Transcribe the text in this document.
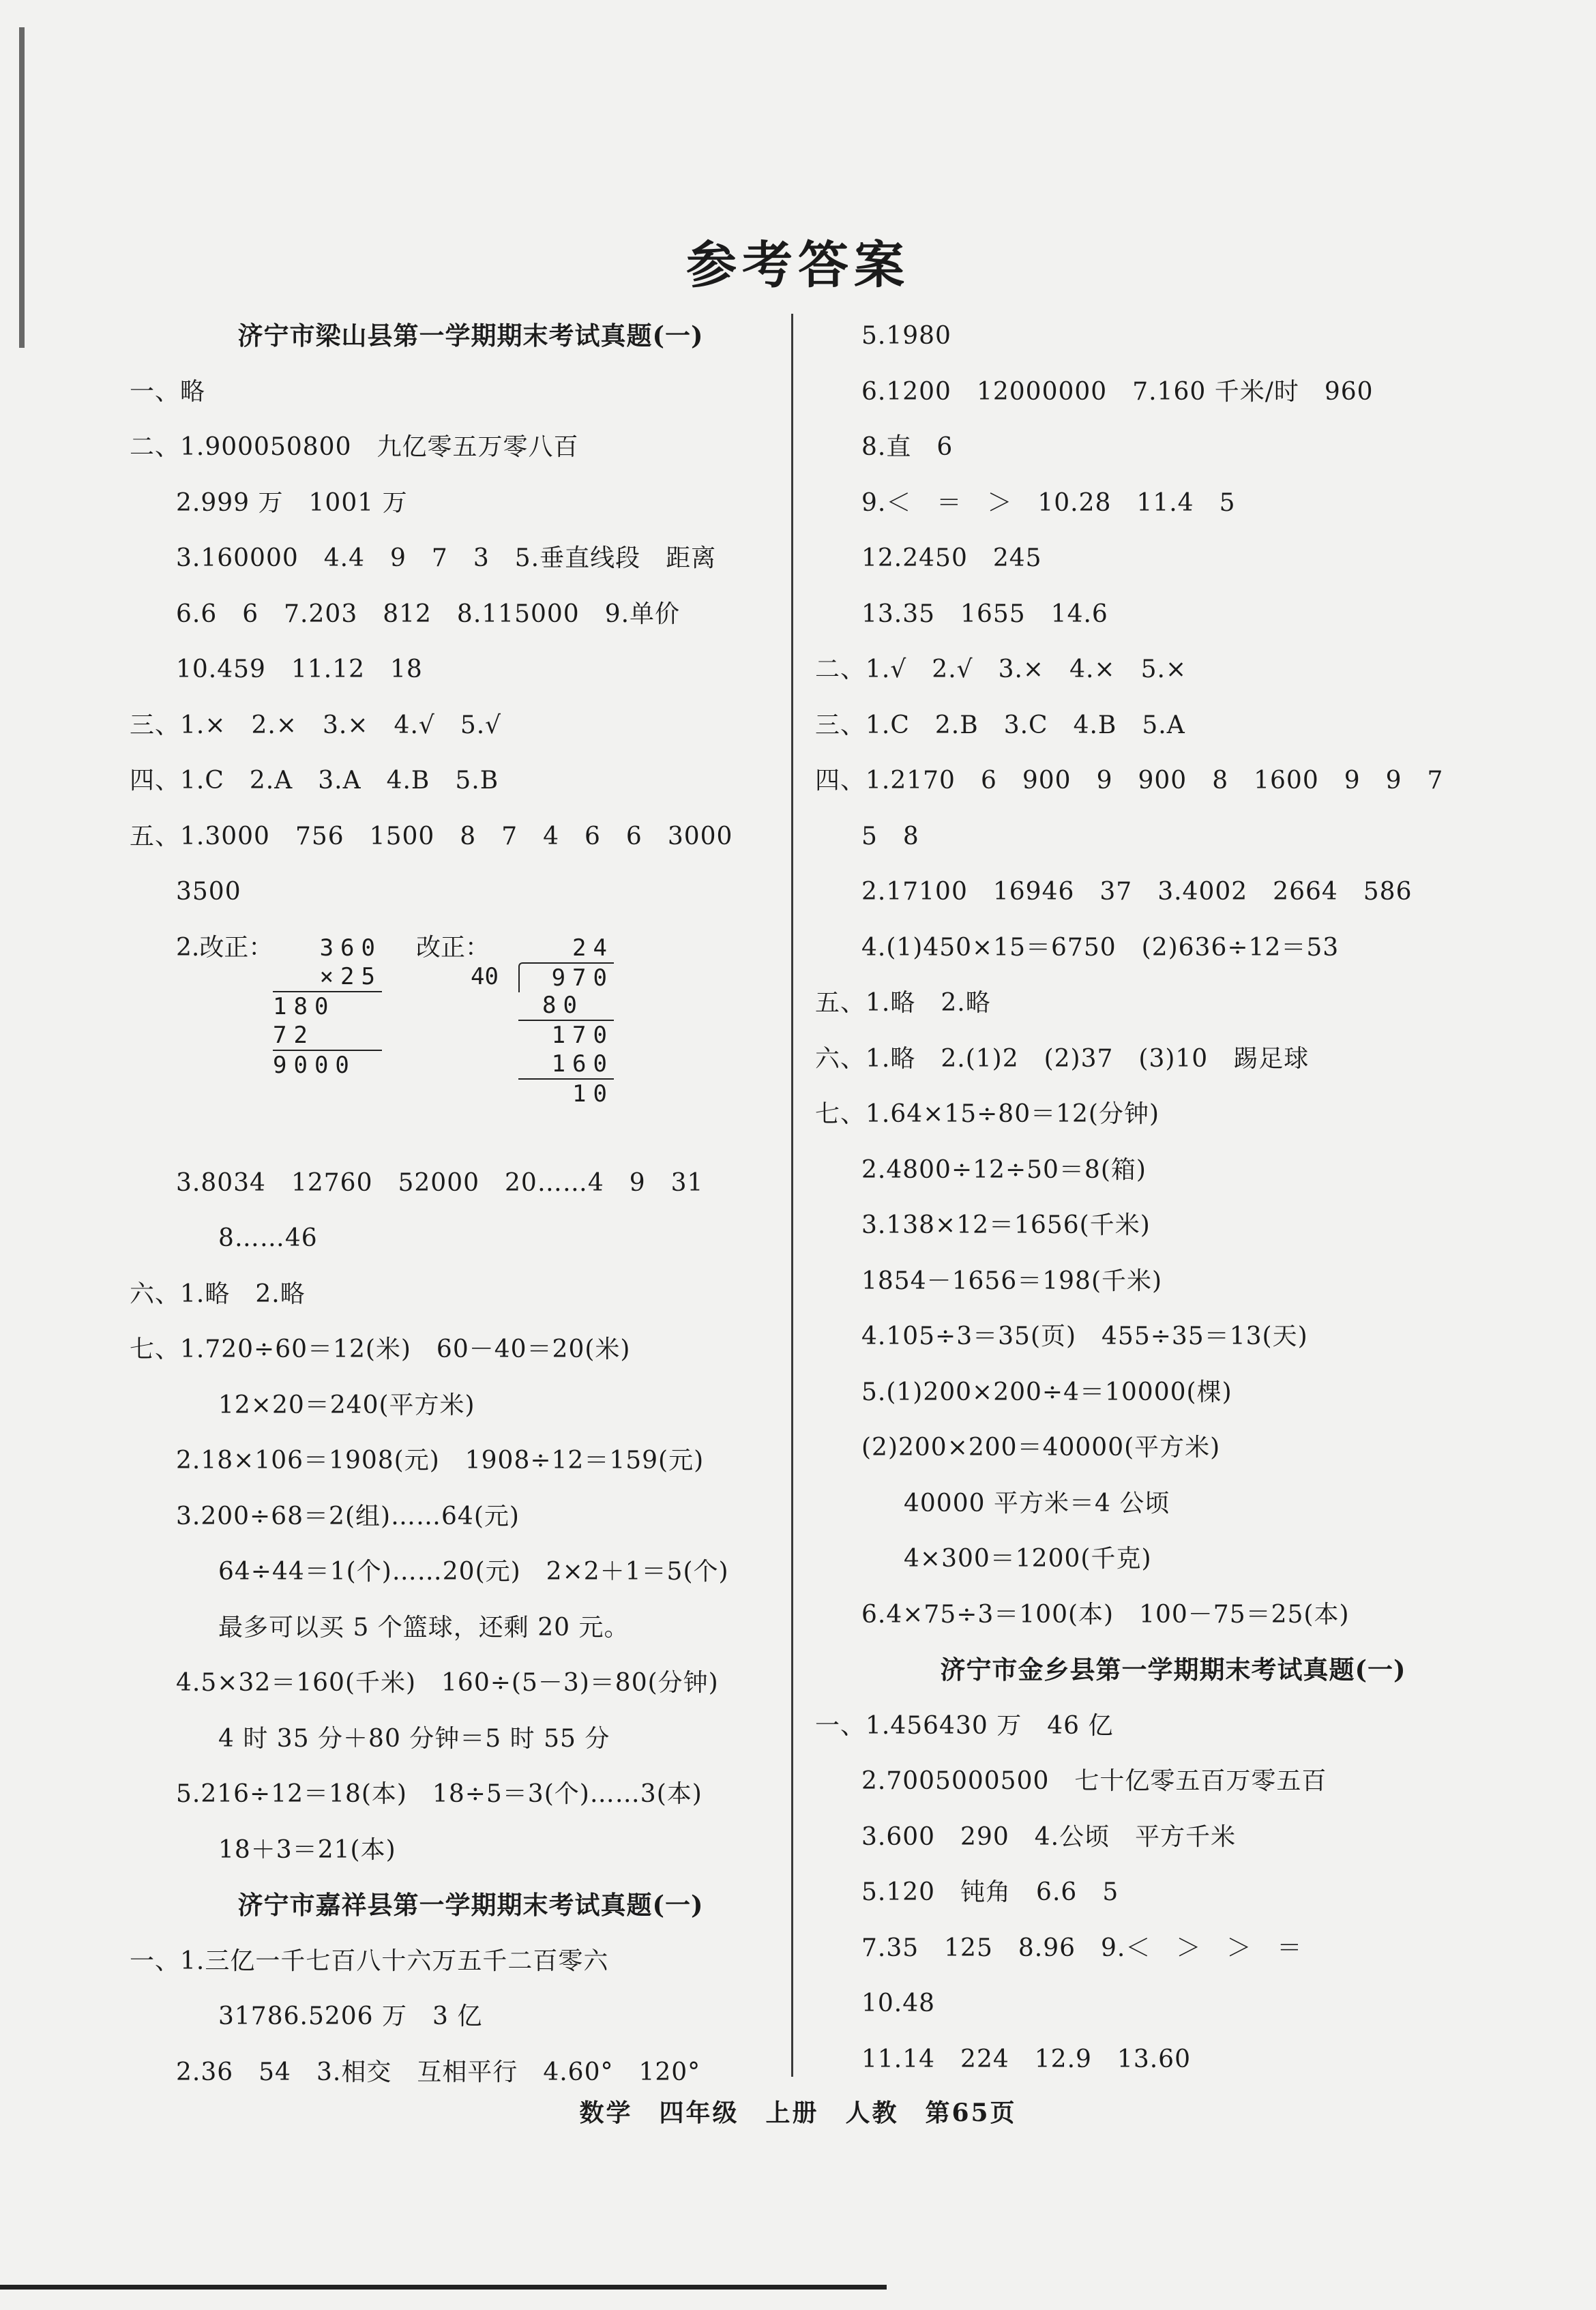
参考答案
济宁市梁山县第一学期期末考试真题(一)
一、略
二、1.900050800　九亿零五万零八百
2.999 万　1001 万
3.160000　4.4　9　7　3　5.垂直线段　距离
6.6　6　7.203　812　8.115000　9.单价
10.459　11.12　18
三、1.×　2.×　3.×　4.√　5.√
四、1.C　2.A　3.A　4.B　5.B
五、1.3000　756　1500　8　7　4　6　6　3000
3500
2.改正：	360
×25
180
72
9000
改正：	24
40	970
80
170
160
10
3.8034　12760　52000　20……4　9　31
8……46
六、1.略　2.略
七、1.720÷60＝12(米)　60－40＝20(米)
12×20＝240(平方米)
2.18×106＝1908(元)　1908÷12＝159(元)
3.200÷68＝2(组)……64(元)
64÷44＝1(个)……20(元)　2×2＋1＝5(个)
最多可以买 5 个篮球，还剩 20 元。
4.5×32＝160(千米)　160÷(5－3)＝80(分钟)
4 时 35 分＋80 分钟＝5 时 55 分
5.216÷12＝18(本)　18÷5＝3(个)……3(本)
18＋3＝21(本)
济宁市嘉祥县第一学期期末考试真题(一)
一、1.三亿一千七百八十六万五千二百零六
31786.5206 万　3 亿
2.36　54　3.相交　互相平行　4.60°　120°
5.1980
6.1200　12000000　7.160 千米/时　960
8.直　6
9.＜　＝　＞　10.28　11.4　5
12.2450　245
13.35　1655　14.6
二、1.√　2.√　3.×　4.×　5.×
三、1.C　2.B　3.C　4.B　5.A
四、1.2170　6　900　9　900　8　1600　9　9　7
5　8
2.17100　16946　37　3.4002　2664　586
4.(1)450×15＝6750　(2)636÷12＝53
五、1.略　2.略
六、1.略　2.(1)2　(2)37　(3)10　踢足球
七、1.64×15÷80＝12(分钟)
2.4800÷12÷50＝8(箱)
3.138×12＝1656(千米)
1854－1656＝198(千米)
4.105÷3＝35(页)　455÷35＝13(天)
5.(1)200×200÷4＝10000(棵)
(2)200×200＝40000(平方米)
40000 平方米＝4 公顷
4×300＝1200(千克)
6.4×75÷3＝100(本)　100－75＝25(本)
济宁市金乡县第一学期期末考试真题(一)
一、1.456430 万　46 亿
2.7005000500　七十亿零五百万零五百
3.600　290　4.公顷　平方千米
5.120　钝角　6.6　5
7.35　125　8.96　9.＜　＞　＞　＝
10.48
11.14　224　12.9　13.60
数学　四年级　上册　人教　第65页
